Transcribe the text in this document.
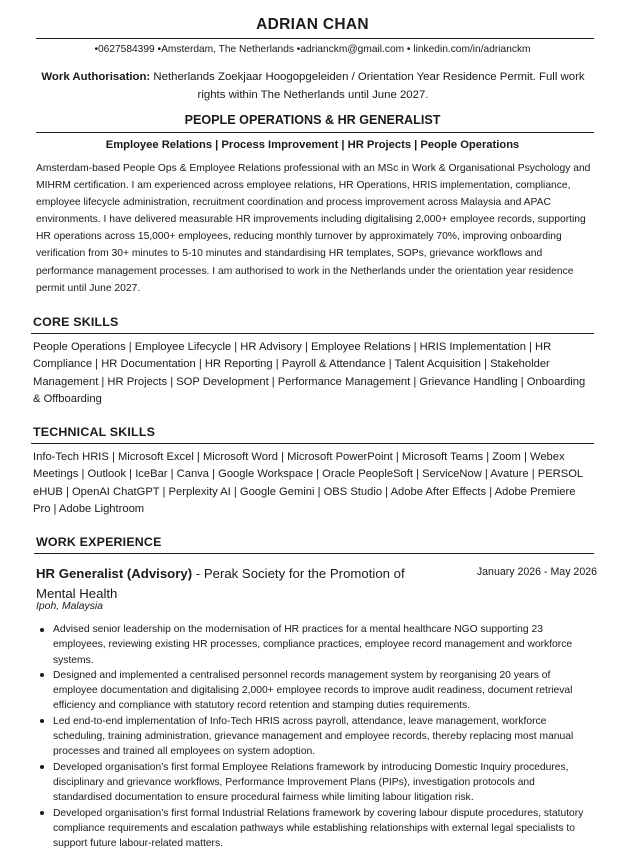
ADRIAN CHAN
•0627584399 •Amsterdam, The Netherlands •adrianckm@gmail.com • linkedin.com/in/adrianckm
Work Authorisation: Netherlands Zoekjaar Hoogopgeleiden / Orientation Year Residence Permit. Full work rights within The Netherlands until June 2027.
PEOPLE OPERATIONS & HR GENERALIST
Employee Relations | Process Improvement | HR Projects | People Operations
Amsterdam-based People Ops & Employee Relations professional with an MSc in Work & Organisational Psychology and MIHRM certification. I am experienced across employee relations, HR Operations, HRIS implementation, compliance, employee lifecycle administration, recruitment coordination and process improvement across Malaysia and APAC environments. I have delivered measurable HR improvements including digitalising 2,000+ employee records, supporting HR operations across 15,000+ employees, reducing monthly turnover by approximately 70%, improving onboarding verification from 30+ minutes to 5-10 minutes and standardising HR templates, SOPs, grievance workflows and performance management processes. I am authorised to work in the Netherlands under the orientation year residence permit until June 2027.
CORE SKILLS
People Operations | Employee Lifecycle | HR Advisory | Employee Relations | HRIS Implementation | HR Compliance | HR Documentation | HR Reporting | Payroll & Attendance | Talent Acquisition | Stakeholder Management | HR Projects | SOP Development | Performance Management | Grievance Handling | Onboarding & Offboarding
TECHNICAL SKILLS
Info-Tech HRIS | Microsoft Excel | Microsoft Word | Microsoft PowerPoint | Microsoft Teams | Zoom | Webex Meetings | Outlook | IceBar | Canva | Google Workspace | Oracle PeopleSoft | ServiceNow | Avature | PERSOL eHUB | OpenAI ChatGPT | Perplexity AI | Google Gemini | OBS Studio | Adobe After Effects | Adobe Premiere Pro | Adobe Lightroom
WORK EXPERIENCE
HR Generalist (Advisory) - Perak Society for the Promotion of Mental Health
January 2026 - May 2026
Ipoh, Malaysia
Advised senior leadership on the modernisation of HR practices for a mental healthcare NGO supporting 23 employees, reviewing existing HR processes, compliance practices, employee record management and workforce systems.
Designed and implemented a centralised personnel records management system by reorganising 20 years of employee documentation and digitalising 2,000+ employee records to improve audit readiness, document retrieval efficiency and compliance with statutory record retention and stamping duties requirements.
Led end-to-end implementation of Info-Tech HRIS across payroll, attendance, leave management, workforce scheduling, training administration, grievance management and employee records, thereby replacing most manual processes and trained all employees on system adoption.
Developed organisation’s first formal Employee Relations framework by introducing Domestic Inquiry procedures, disciplinary and grievance workflows, Performance Improvement Plans (PIPs), investigation protocols and standardised documentation to ensure procedural fairness while limiting labour litigation risk.
Developed organisation’s first formal Industrial Relations framework by covering labour dispute procedures, statutory compliance requirements and escalation pathways while establishing relationships with external legal specialists to support future labour-related matters.
